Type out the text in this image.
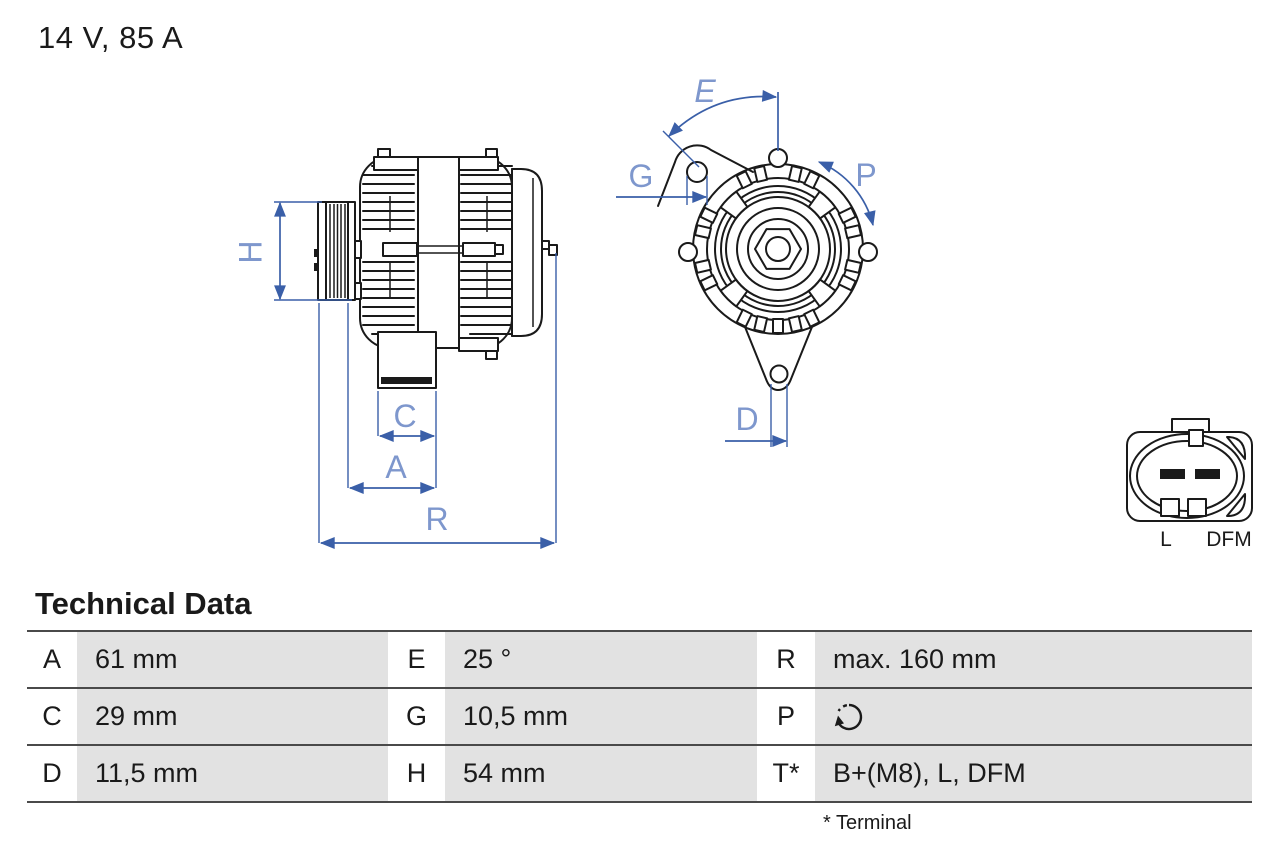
14 V, 85 A
H
C
A
R
E
G	P
D
L DFM
Technical Data
A	61 mm	E	25 °	R	max. 160 mm
C	29 mm	G	10,5 mm	P
D	11,5 mm	H	54 mm	T*	B+(M8), L, DFM
* Terminal
